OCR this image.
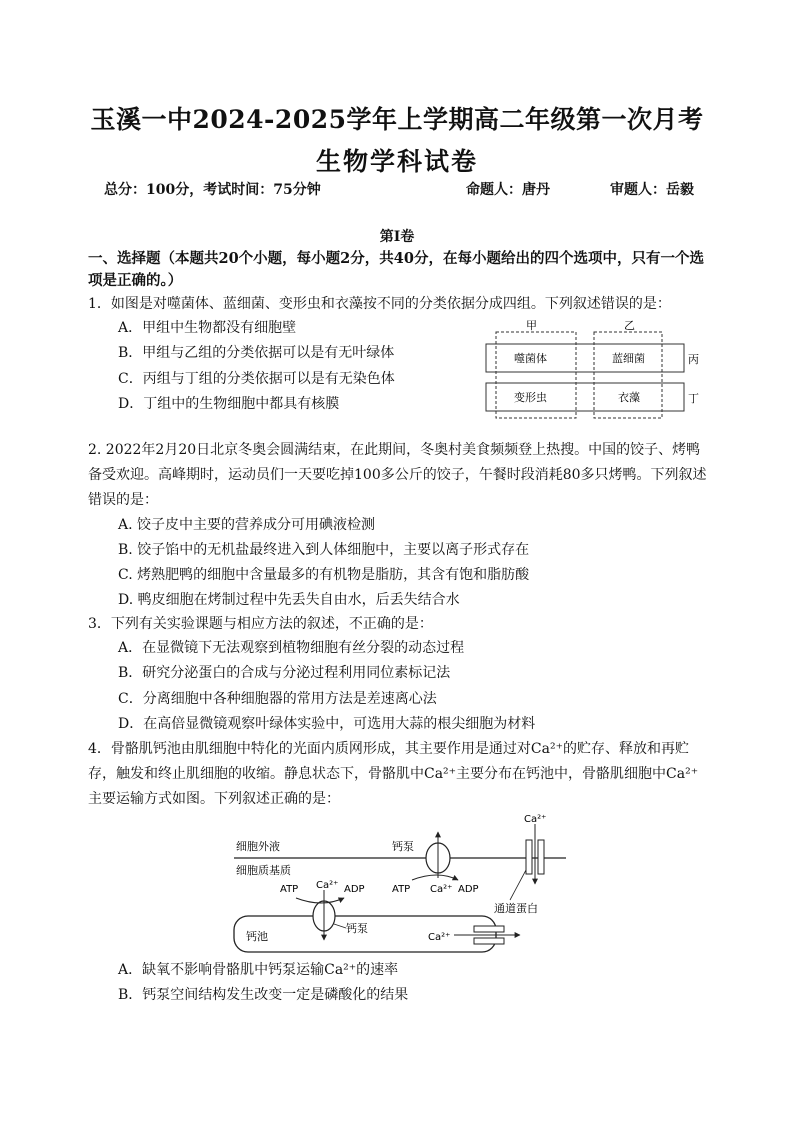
玉溪一中2024-2025学年上学期高二年级第一次月考
生物学科试卷
总分：100分，考试时间：75分钟	命题人：唐丹	审题人：岳毅
第I卷
一、选择题（本题共20个小题，每小题2分，共40分，在每小题给出的四个选项中，只有一个选项是正确的。）
1．如图是对噬菌体、蓝细菌、变形虫和衣藻按不同的分类依据分成四组。下列叙述错误的是：
A．甲组中生物都没有细胞壁
B．甲组与乙组的分类依据可以是有无叶绿体
C．丙组与丁组的分类依据可以是有无染色体
D．丁组中的生物细胞中都具有核膜
甲	乙
丙
丁
噬菌体	蓝细菌
变形虫	衣藻
2. 2022年2月20日北京冬奥会圆满结束，在此期间，冬奥村美食频频登上热搜。中国的饺子、烤鸭备受欢迎。高峰期时，运动员们一天要吃掉100多公斤的饺子，午餐时段消耗80多只烤鸭。下列叙述错误的是：
A. 饺子皮中主要的营养成分可用碘液检测
B. 饺子馅中的无机盐最终进入到人体细胞中，主要以离子形式存在
C. 烤熟肥鸭的细胞中含量最多的有机物是脂肪，其含有饱和脂肪酸
D. 鸭皮细胞在烤制过程中先丢失自由水，后丢失结合水
3．下列有关实验课题与相应方法的叙述，不正确的是：
A．在显微镜下无法观察到植物细胞有丝分裂的动态过程
B．研究分泌蛋白的合成与分泌过程利用同位素标记法
C．分离细胞中各种细胞器的常用方法是差速离心法
D．在高倍显微镜观察叶绿体实验中，可选用大蒜的根尖细胞为材料
4．骨骼肌钙池由肌细胞中特化的光面内质网形成，其主要作用是通过对Ca²⁺的贮存、释放和再贮存，触发和终止肌细胞的收缩。静息状态下，骨骼肌中Ca²⁺主要分布在钙池中，骨骼肌细胞中Ca²⁺主要运输方式如图。下列叙述正确的是：
细胞外液
细胞质基质
钙泵
ATP Ca²⁺ ADP
Ca²⁺
通道蛋白
钙池
ATP Ca²⁺ ADP
钙泵
Ca²⁺
A．缺氧不影响骨骼肌中钙泵运输Ca²⁺的速率
B．钙泵空间结构发生改变一定是磷酸化的结果
